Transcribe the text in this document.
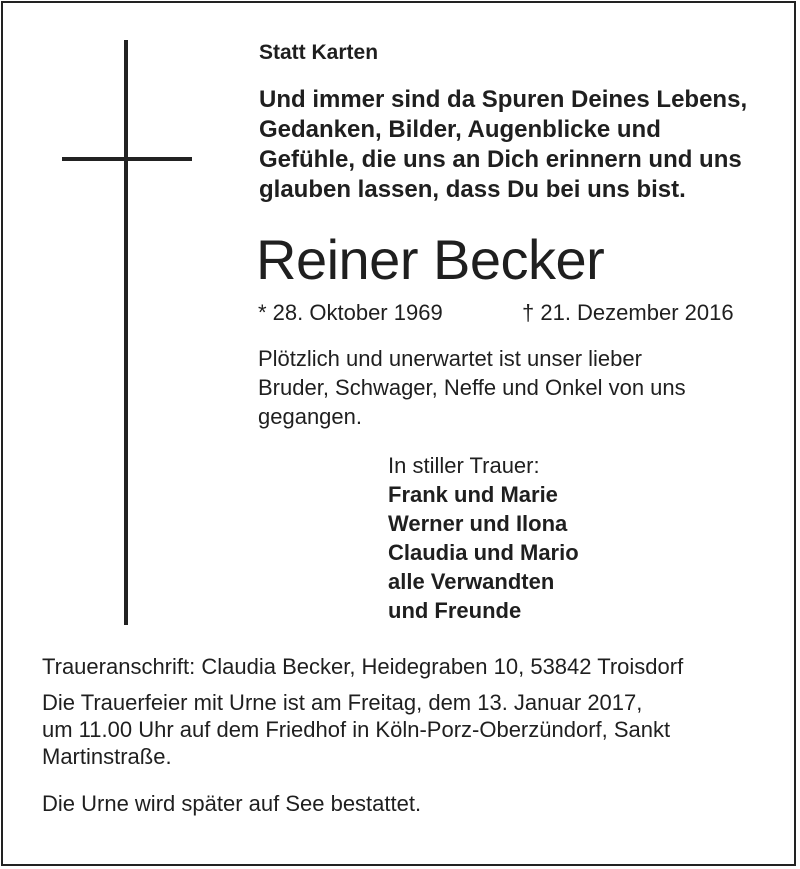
Statt Karten
Und immer sind da Spuren Deines Lebens,
Gedanken, Bilder, Augenblicke und
Gefühle, die uns an Dich erinnern und uns
glauben lassen, dass Du bei uns bist.
Reiner Becker
* 28. Oktober 1969	† 21. Dezember 2016
Plötzlich und unerwartet ist unser lieber
Bruder, Schwager, Neffe und Onkel von uns
gegangen.
In stiller Trauer:
Frank und Marie
Werner und Ilona
Claudia und Mario
alle Verwandten
und Freunde
Traueranschrift: Claudia Becker, Heidegraben 10, 53842 Troisdorf
Die Trauerfeier mit Urne ist am Freitag, dem 13. Januar 2017,
um 11.00 Uhr auf dem Friedhof in Köln-Porz-Oberzündorf, Sankt
Martinstraße.
Die Urne wird später auf See bestattet.
